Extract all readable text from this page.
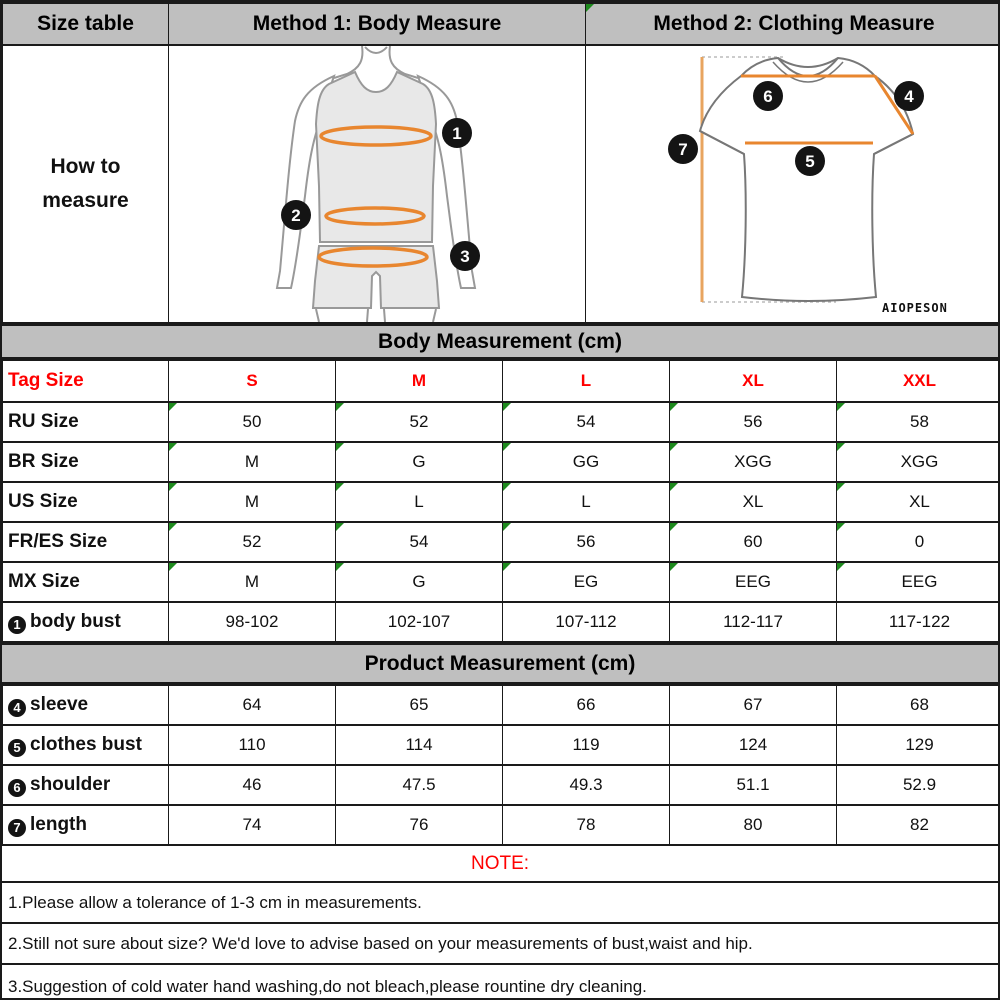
Size table	Method 1: Body Measure	Method 2: Clothing Measure

How to
measure

1
2
3

7
6	4
5
AIOPESON
Body Measurement (cm)
Tag Size	S	M	L	XL	XXL
RU Size	50	52	54	56	58
BR Size	M	G	GG	XGG	XGG
US Size	M	L	L	XL	XL
FR/ES Size	52	54	56	60	0
MX Size	M	G	EG	EEG	EEG
1 body bust	98-102	102-107	107-112	112-117	117-122
Product Measurement (cm)
4 sleeve	64	65	66	67	68
5 clothes bust	110	114	119	124	129
6 shoulder	46	47.5	49.3	51.1	52.9
7 length	74	76	78	80	82
NOTE:
1.Please allow a tolerance of 1-3 cm in measurements.
2.Still not sure about size? We'd love to advise based on your measurements of bust,waist and hip.
3.Suggestion of cold water hand washing,do not bleach,please rountine dry cleaning.
